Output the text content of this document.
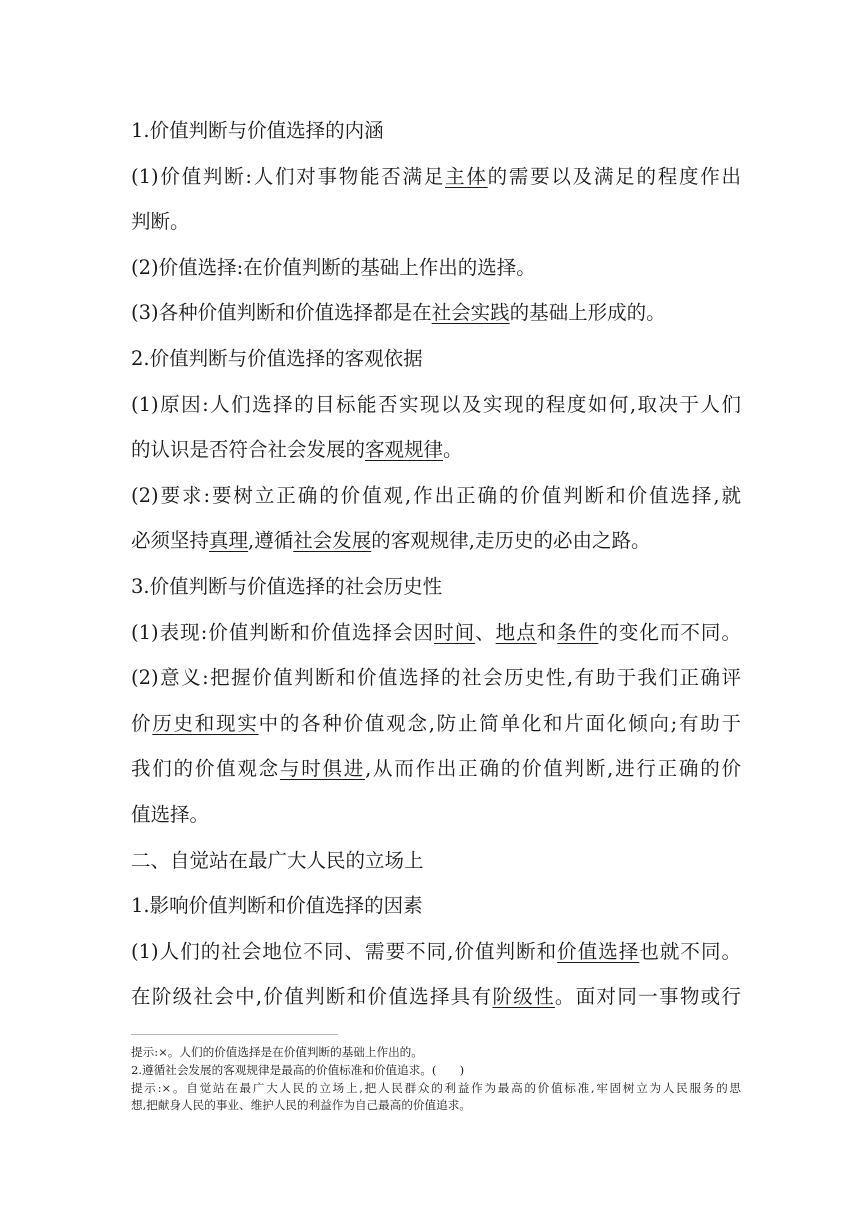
1.价值判断与价值选择的内涵
(1)价值判断:人们对事物能否满足主体的需要以及满足的程度作出
判断。
(2)价值选择:在价值判断的基础上作出的选择。
(3)各种价值判断和价值选择都是在社会实践的基础上形成的。
2.价值判断与价值选择的客观依据
(1)原因:人们选择的目标能否实现以及实现的程度如何,取决于人们
的认识是否符合社会发展的客观规律。
(2)要求:要树立正确的价值观,作出正确的价值判断和价值选择,就
必须坚持真理,遵循社会发展的客观规律,走历史的必由之路。
3.价值判断与价值选择的社会历史性
(1)表现:价值判断和价值选择会因时间、地点和条件的变化而不同。
(2)意义:把握价值判断和价值选择的社会历史性,有助于我们正确评
价历史和现实中的各种价值观念,防止简单化和片面化倾向;有助于
我们的价值观念与时俱进,从而作出正确的价值判断,进行正确的价
值选择。
二、自觉站在最广大人民的立场上
1.影响价值判断和价值选择的因素
(1)人们的社会地位不同、需要不同,价值判断和价值选择也就不同。
在阶级社会中,价值判断和价值选择具有阶级性。面对同一事物或行
提示:×。人们的价值选择是在价值判断的基础上作出的。
2.遵循社会发展的客观规律是最高的价值标准和价值追求。(　　)
提示:×。自觉站在最广大人民的立场上,把人民群众的利益作为最高的价值标准,牢固树立为人民服务的思
想,把献身人民的事业、维护人民的利益作为自己最高的价值追求。
